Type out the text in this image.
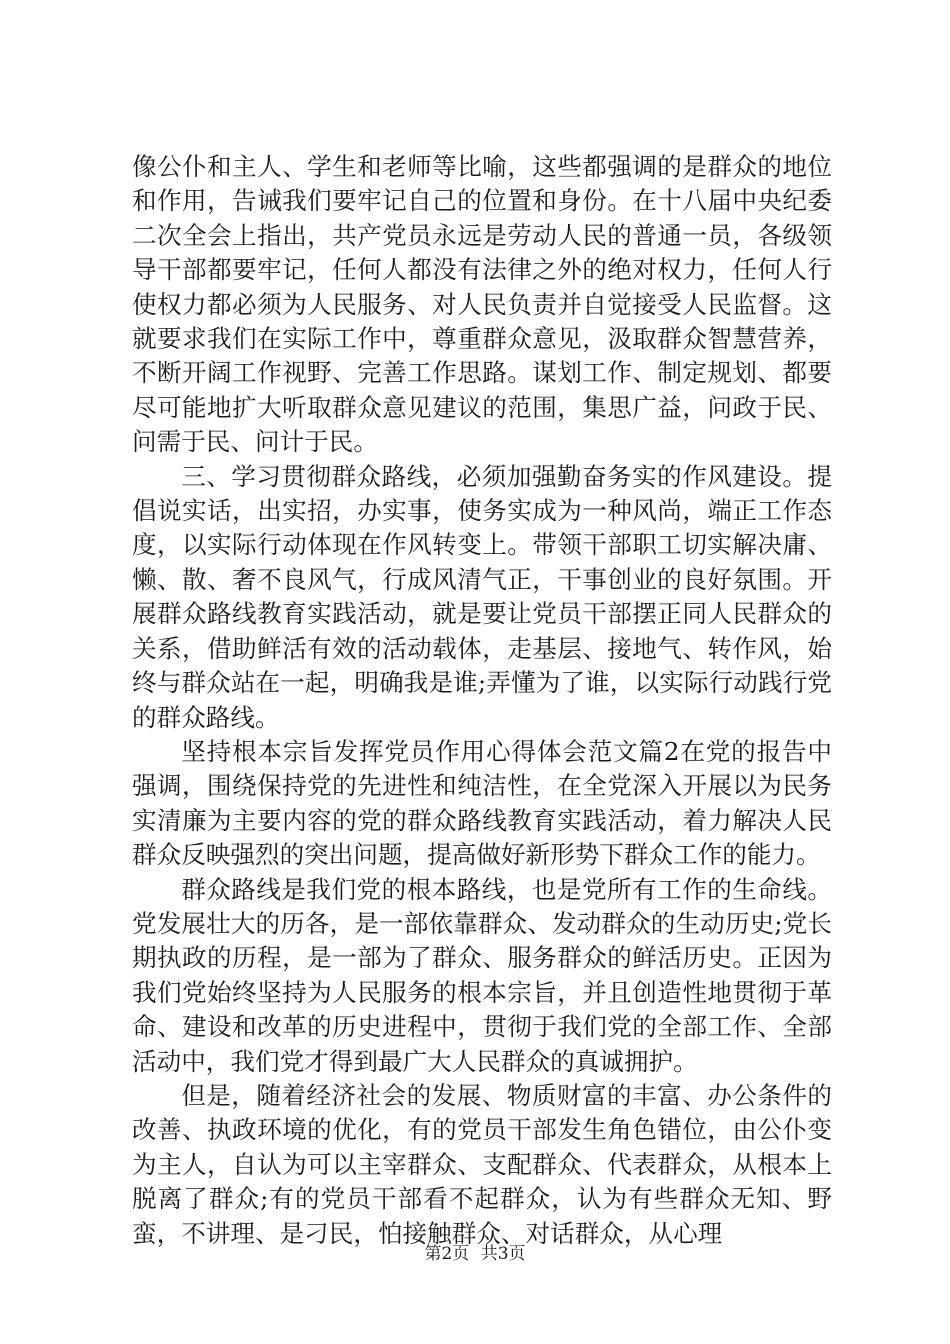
像公仆和主人、学生和老师等比喻，这些都强调的是群众的地位和作用，告诫我们要牢记自己的位置和身份。在十八届中央纪委二次全会上指出，共产党员永远是劳动人民的普通一员，各级领导干部都要牢记，任何人都没有法律之外的绝对权力，任何人行使权力都必须为人民服务、对人民负责并自觉接受人民监督。这就要求我们在实际工作中，尊重群众意见，汲取群众智慧营养，不断开阔工作视野、完善工作思路。谋划工作、制定规划、都要尽可能地扩大听取群众意见建议的范围，集思广益，问政于民、问需于民、问计于民。

三、学习贯彻群众路线，必须加强勤奋务实的作风建设。提倡说实话，出实招，办实事，使务实成为一种风尚，端正工作态度，以实际行动体现在作风转变上。带领干部职工切实解决庸、懒、散、奢不良风气，行成风清气正，干事创业的良好氛围。开展群众路线教育实践活动，就是要让党员干部摆正同人民群众的关系，借助鲜活有效的活动载体，走基层、接地气、转作风，始终与群众站在一起，明确我是谁;弄懂为了谁，以实际行动践行党的群众路线。

坚持根本宗旨发挥党员作用心得体会范文篇2在党的报告中强调，围绕保持党的先进性和纯洁性，在全党深入开展以为民务实清廉为主要内容的党的群众路线教育实践活动，着力解决人民群众反映强烈的突出问题，提高做好新形势下群众工作的能力。

群众路线是我们党的根本路线，也是党所有工作的生命线。党发展壮大的历各，是一部依靠群众、发动群众的生动历史;党长期执政的历程，是一部为了群众、服务群众的鲜活历史。正因为我们党始终坚持为人民服务的根本宗旨，并且创造性地贯彻于革命、建设和改革的历史进程中，贯彻于我们党的全部工作、全部活动中，我们党才得到最广大人民群众的真诚拥护。

但是，随着经济社会的发展、物质财富的丰富、办公条件的改善、执政环境的优化，有的党员干部发生角色错位，由公仆变为主人，自认为可以主宰群众、支配群众、代表群众，从根本上脱离了群众;有的党员干部看不起群众，认为有些群众无知、野蛮，不讲理、是刁民，怕接触群众、对话群众，从心理

第2页 共3页
